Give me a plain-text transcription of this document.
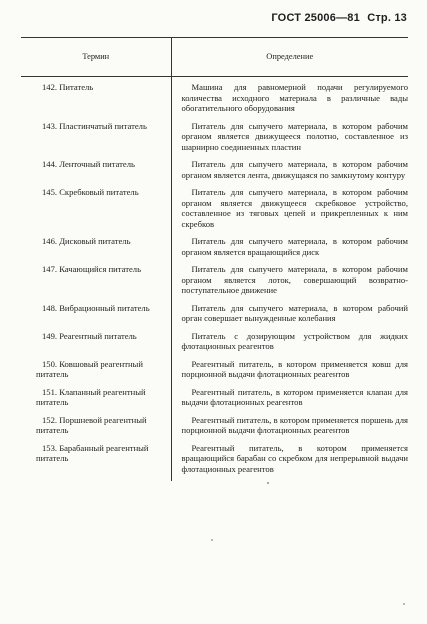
ГОСТ 25006—81 Стр. 13
Термин	Определение

142. Питатель	Машина для равномерной подачи регулируемого количества исходного материала в различные вады обогатительного оборудования

143. Пластинчатый питатель	Питатель для сыпучего материала, в котором рабочим органом является движущееся полотно, составленное из шарнирно соединенных пластин

144. Ленточный питатель	Питатель для сыпучего материала, в котором рабочим органом является лента, движущаяся по замкнутому контуру

145. Скребковый питатель	Питатель для сыпучего материала, в котором рабочим органом является движущееся скребковое устройство, составленное из тяговых цепей и прикрепленных к ним скребков

146. Дисковый питатель	Питатель для сыпучего материала, в котором рабочим органом является вращающийся диск

147. Качающийся питатель	Питатель для сыпучего материала, в котором рабочим органом является лоток, совершающий возвратно-поступательное движение

148. Вибрационный питатель	Питатель для сыпучего материала, в котором рабочий орган совершает вынужденные колебания

149. Реагентный питатель	Питатель с дозирующим устройством для жидких флотационных реагентов

150. Ковшовый реагентный питатель	Реагентный питатель, в котором применяется ковш для порционной выдачи флотационных реагентов

151. Клапанный реагентный питатель	Реагентный питатель, в котором применяется клапан для выдачи флотационных реагентов

152. Поршневой реагентный питатель	Реагентный питатель, в котором применяется поршень для порционной выдачи флотационных реагентов

153. Барабанный реагентный питатель	Реагентный питатель, в котором применяется вращающийся барабан со скребком для непрерывной выдачи флотационных реагентов
